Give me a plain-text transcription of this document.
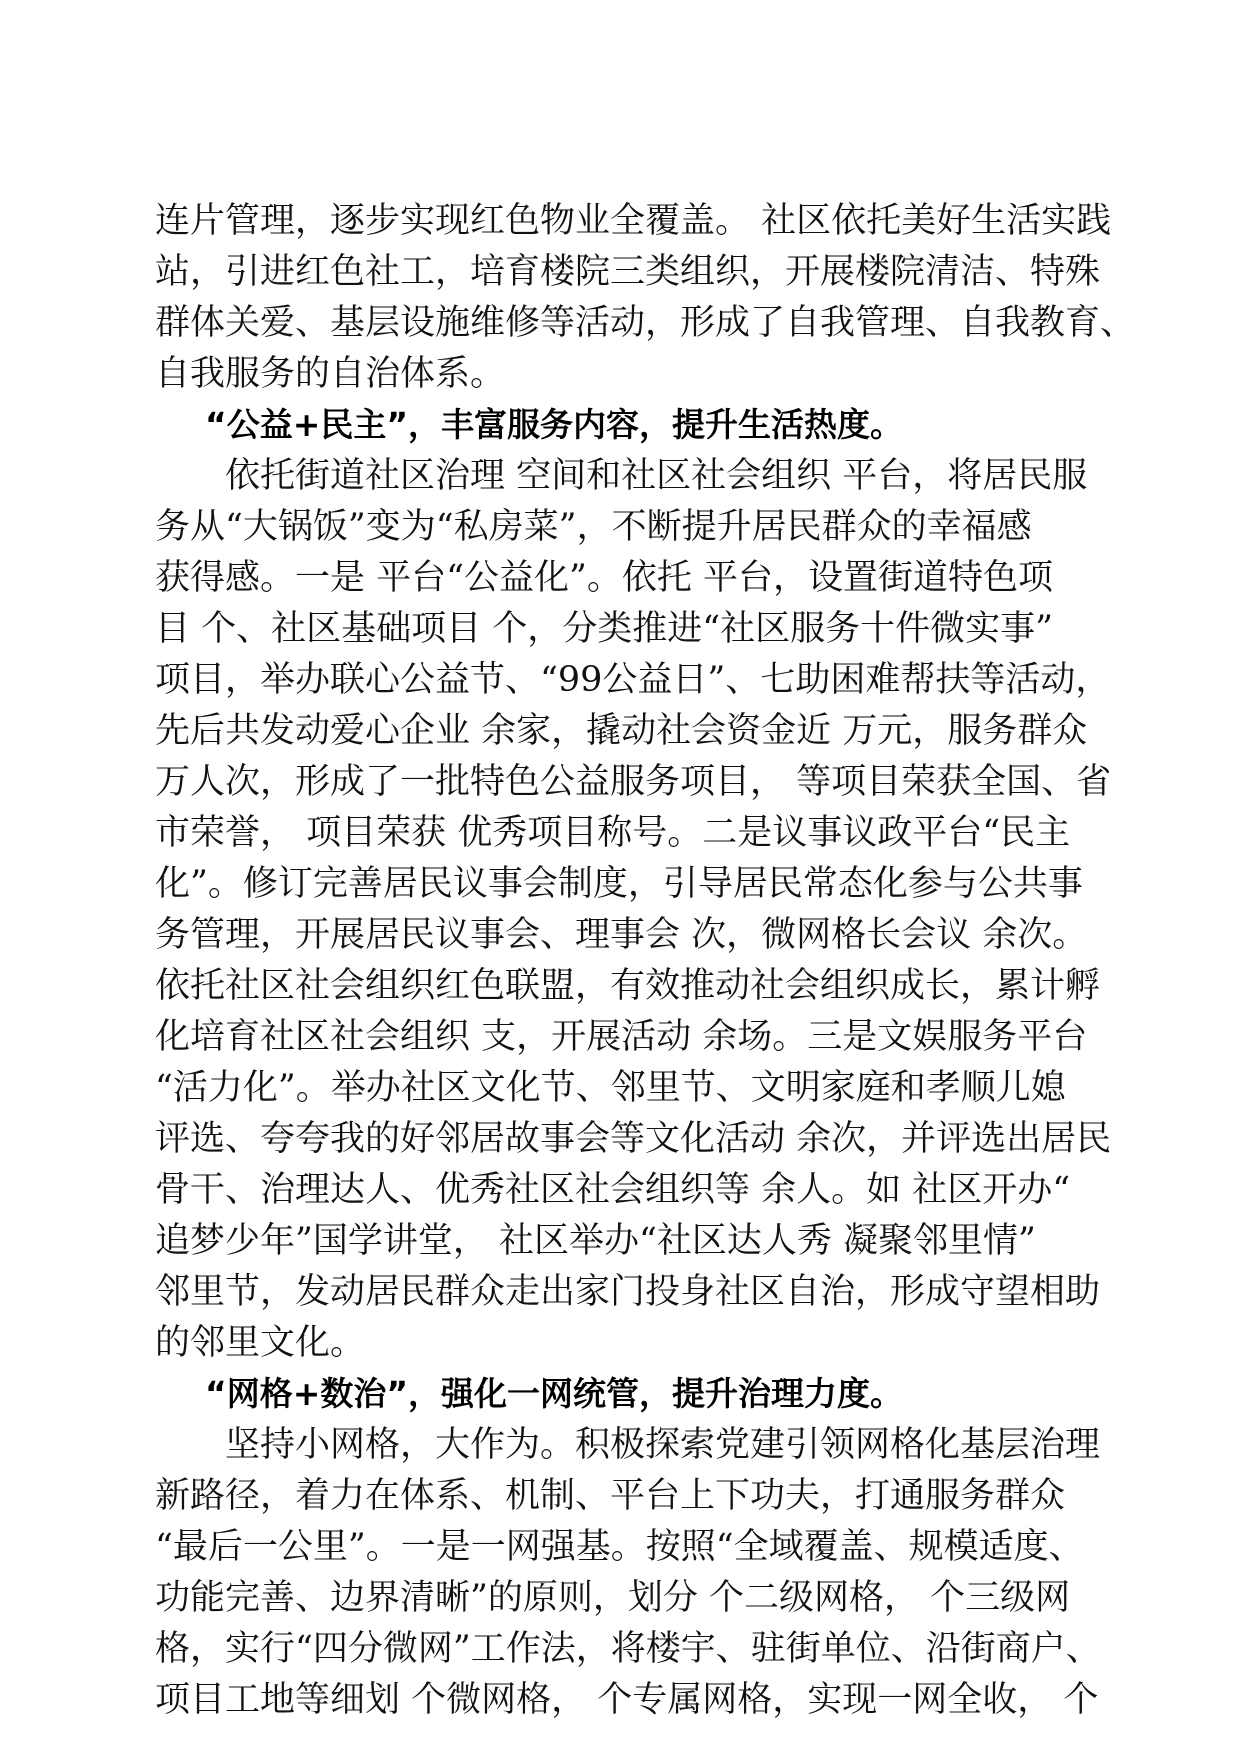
连片管理，逐步实现红色物业全覆盖。 社区依托美好生活实践
站，引进红色社工，培育楼院三类组织，开展楼院清洁、特殊
群体关爱、基层设施维修等活动，形成了自我管理、自我教育、
自我服务的自治体系。
“公益+民主”，丰富服务内容，提升生活热度。
依托街道社区治理 空间和社区社会组织 平台，将居民服
务从“大锅饭”变为“私房菜”，不断提升居民群众的幸福感
获得感。一是 平台“公益化”。依托 平台，设置街道特色项
目 个、社区基础项目 个，分类推进“社区服务十件微实事”
项目，举办联心公益节、“99公益日”、七助困难帮扶等活动，
先后共发动爱心企业 余家，撬动社会资金近 万元，服务群众
万人次，形成了一批特色公益服务项目， 等项目荣获全国、省
市荣誉， 项目荣获 优秀项目称号。二是议事议政平台“民主
化”。修订完善居民议事会制度，引导居民常态化参与公共事
务管理，开展居民议事会、理事会 次，微网格长会议 余次。
依托社区社会组织红色联盟，有效推动社会组织成长，累计孵
化培育社区社会组织 支，开展活动 余场。三是文娱服务平台
“活力化”。举办社区文化节、邻里节、文明家庭和孝顺儿媳
评选、夸夸我的好邻居故事会等文化活动 余次，并评选出居民
骨干、治理达人、优秀社区社会组织等 余人。如 社区开办“
追梦少年”国学讲堂， 社区举办“社区达人秀 凝聚邻里情”
邻里节，发动居民群众走出家门投身社区自治，形成守望相助
的邻里文化。
“网格+数治”，强化一网统管，提升治理力度。
坚持小网格，大作为。积极探索党建引领网格化基层治理
新路径，着力在体系、机制、平台上下功夫，打通服务群众
“最后一公里”。一是一网强基。按照“全域覆盖、规模适度、
功能完善、边界清晰”的原则，划分 个二级网格， 个三级网
格，实行“四分微网”工作法，将楼宇、驻街单位、沿街商户、
项目工地等细划 个微网格， 个专属网格，实现一网全收， 个
